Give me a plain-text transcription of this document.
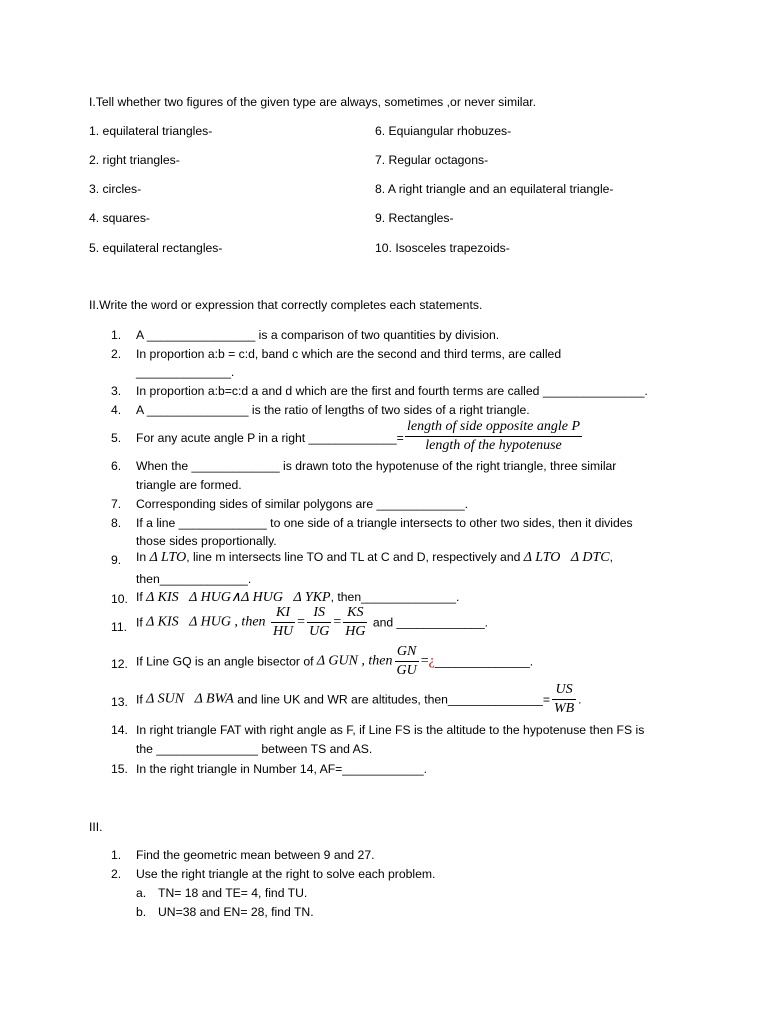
I.Tell whether two figures of the given type are always, sometimes ,or never similar.
1. equilateral triangles-
2. right triangles-
3. circles-
4. squares-
5. equilateral rectangles-
6. Equiangular rhobuzes-
7. Regular octagons-
8. A right triangle and an equilateral triangle-
9. Rectangles-
10. Isosceles trapezoids-
II.Write the word or expression that correctly completes each statements.
1.	A ________________ is a comparison of two quantities by division.
2.	In proportion a:b = c:d, band c which are the second and third terms, are called
______________.
3.	In proportion a:b=c:d a and d which are the first and fourth terms are called _______________.
4.	A _______________ is the ratio of lengths of two sides of a right triangle.
5.	For any acute angle P in a right _____________= $\frac{\text{length of side opposite angle P}}{\text{length of the hypotenuse}}$
6.	When the _____________ is drawn toto the hypotenuse of the right triangle, three similar
triangle are formed.
7.	Corresponding sides of similar polygons are _____________.
8.	If a line _____________ to one side of a triangle intersects to other two sides, then it divides
those sides proportionally.
9.	In Δ LTO, line m intersects line TO and TL at C and D, respectively and Δ LTO   Δ DTC,
then_____________.
10. If Δ KIS   Δ HUG∧Δ HUG   Δ YKP, then______________.
11. If Δ KIS   Δ HUG , then $\frac{KI}{HU} = \frac{IS}{UG} = \frac{KS}{HG}$ and _____________.
12. If Line GQ is an angle bisector of Δ GUN , then $\frac{GN}{GU}$ =¿______________.
13. If Δ SUN   Δ BWA and line UK and WR are altitudes, then______________= $\frac{US}{WB}$ .
14. In right triangle FAT with right angle as F, if Line FS is the altitude to the hypotenuse then FS is
the _______________ between TS and AS.
15. In the right triangle in Number 14, AF=____________.
III.
1.	Find the geometric mean between 9 and 27.
2.	Use the right triangle at the right to solve each problem.
a. TN= 18 and TE= 4, find TU.
b. UN=38 and EN= 28, find TN.
